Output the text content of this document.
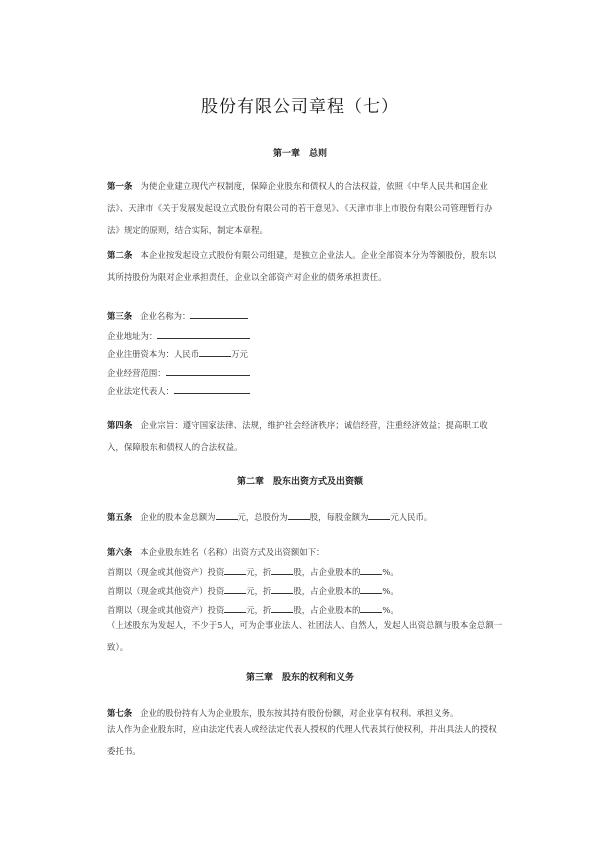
股份有限公司章程（七）
第一章　总则
第一条 为使企业建立现代产权制度，保障企业股东和债权人的合法权益，依照《中华人民共和国企业法》、天津市《关于发展发起设立式股份有限公司的若干意见》、《天津市非上市股份有限公司管理暂行办法》规定的原则，结合实际，制定本章程。
第二条 本企业按发起设立式股份有限公司组建，是独立企业法人。企业全部资本分为等额股份，股东以其所持股份为限对企业承担责任，企业以全部资产对企业的债务承担责任。
第三条 企业名称为：
企业地址为：
企业注册资本为：人民币	万元
企业经营范围：
企业法定代表人：
第四条 企业宗旨：遵守国家法律、法规，维护社会经济秩序；诚信经营，注重经济效益；提高职工收入，保障股东和债权人的合法权益。
第二章　股东出资方式及出资额
第五条 企业的股本金总额为	元，总股份为	股，每股金额为	元人民币。
第六条 本企业股东姓名（名称）出资方式及出资额如下：
首期以（现金或其他资产）投资	元，折	股，占企业股本的	%。
首期以（现金或其他资产）投资	元，折	股，占企业股本的	%。
首期以（现金或其他资产）投资	元，折	股，占企业股本的	%。
（上述股东为发起人，不少于5人，可为企事业法人、社团法人、自然人，发起人出资总额与股本金总额一致）。
第三章　股东的权利和义务
第七条 企业的股份持有人为企业股东，股东按其持有股份份额，对企业享有权利、承担义务。
法人作为企业股东时，应由法定代表人或经法定代表人授权的代理人代表其行使权利，并出具法人的授权委托书。
